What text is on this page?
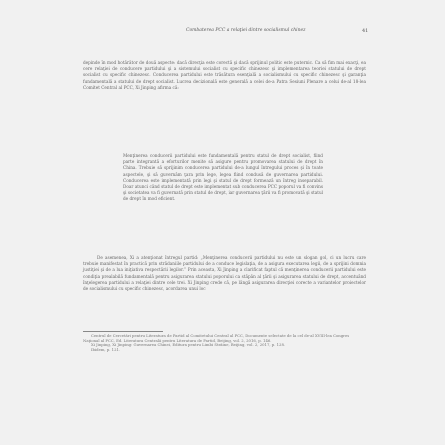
Combaterea PCC a relaţiei dintre socialismul chinez	41

depinde în mod hotărâtor de două aspecte: dacă direcţia este corectă şi dacă sprijinul politic este puternic. Ca să fim mai exacţi, ea cere relaţiei de conducere partidului şi a sistemului socialist cu specific chinezesc şi implementarea teoriei statului de drept socialist cu specific chinezesc. Conducerea partidului este trăsătura esenţială a socialismului cu specific chinezesc şi garanţia fundamentală a statului de drept socialist. Lucrea decizională este generală a celei de-a Patra Sesiuni Plenare a celui de-al 18-lea Comitet Central al PCC, Xi Jinping afirma că:

Menţinerea conducerii partidului este fundamentală pentru statul de drept socialist, fiind parte integrantă a eforturilor menite să asigure pentru promovarea statului de drept în China. Trebuie să sprijinim conducerea partidului de-a lungul întregului proces şi în toate aspectele, şi să guvernăm ţara prin lege, legea fiind condusă de guvernarea partidului. Conducerea este implementată prin legi şi statul de drept formează un întreg inseparabil. Doar atunci când statul de drept este implementat sub conducerea PCC poporul va fi convins şi societatea va fi guvernată prin statul de drept, iar guvernarea ţării va fi promovată şi statul de drept în mod eficient.

De asemenea, Xi a atenţionat întregul partid: „Menţinerea conducerii partidului nu este un slogan gol, ci un lucru care trebuie manifestat în practică prin strădaniile partidului de a conduce legislaţia, de a asigura executarea legii, de a sprijini domnia justiţiei şi de a lua iniţiativa respectării legilor.” Prin aceasta, Xi Jinping a clarificat faptul că menţinerea conducerii partidului este condiţia prealabilă fundamentală pentru asigurarea statului poporului ca stăpân al ţării şi asigurarea statului de drept, accentuând înţelegerea partidului a relaţiei dintre cele trei. Xi Jinping crede că, pe lângă asigurarea direcţiei corecte a variantelor proiectelor de socialismului cu specific chinezesc, acordarea unui loc

Centrul de Cercetări pentru Literatura de Partid al Comitetului Central al PCC, Documente selectate de la cel de-al XVIII-lea Congres Naţional al PCC, Ed. Literatura Centrală pentru Literatura de Partid, Beijing, vol. 2, 2016, p. 146.

Xi Jinping, Xi Jinping: Guvernarea Chinei, Editura pentru Limbi Străine, Beijing, vol. 2, 2017, p. 128.

Ibidem, p. 121.
